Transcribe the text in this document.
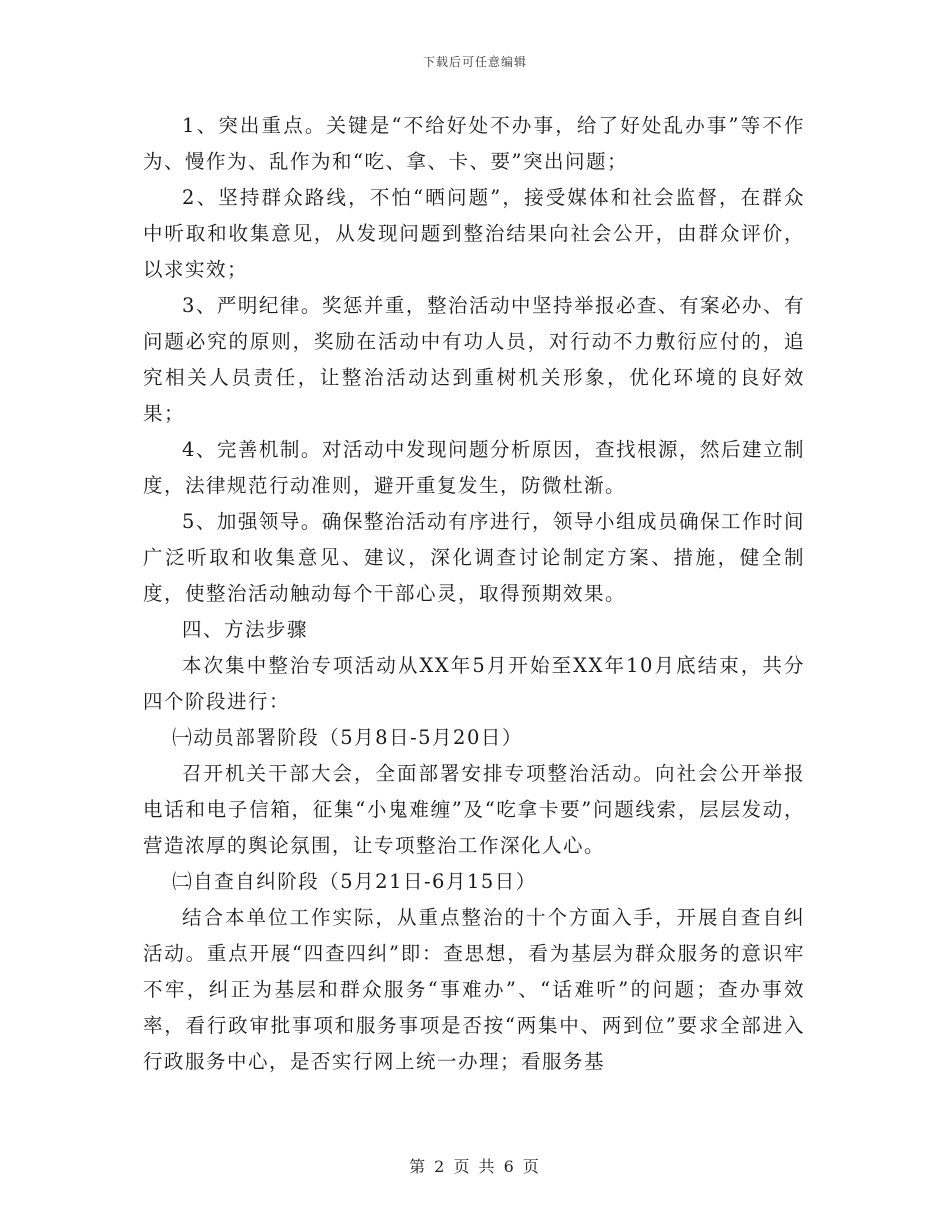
下载后可任意编辑

1、突出重点。关键是“不给好处不办事，给了好处乱办事”等不作为、慢作为、乱作为和“吃、拿、卡、要”突出问题；

2、坚持群众路线，不怕“晒问题”，接受媒体和社会监督，在群众中听取和收集意见，从发现问题到整治结果向社会公开，由群众评价，以求实效；

3、严明纪律。奖惩并重，整治活动中坚持举报必查、有案必办、有问题必究的原则，奖励在活动中有功人员，对行动不力敷衍应付的，追究相关人员责任，让整治活动达到重树机关形象，优化环境的良好效果；

4、完善机制。对活动中发现问题分析原因，查找根源，然后建立制度，法律规范行动准则，避开重复发生，防微杜渐。

5、加强领导。确保整治活动有序进行，领导小组成员确保工作时间广泛听取和收集意见、建议，深化调查讨论制定方案、措施，健全制度，使整治活动触动每个干部心灵，取得预期效果。

四、方法步骤

本次集中整治专项活动从XX年5月开始至XX年10月底结束，共分四个阶段进行：

㈠动员部署阶段（5月8日-5月20日）

召开机关干部大会，全面部署安排专项整治活动。向社会公开举报电话和电子信箱，征集“小鬼难缠”及“吃拿卡要”问题线索，层层发动，营造浓厚的舆论氛围，让专项整治工作深化人心。

㈡自查自纠阶段（5月21日-6月15日）

结合本单位工作实际，从重点整治的十个方面入手，开展自查自纠活动。重点开展“四查四纠”即：查思想，看为基层为群众服务的意识牢不牢，纠正为基层和群众服务“事难办”、“话难听”的问题；查办事效率，看行政审批事项和服务事项是否按“两集中、两到位”要求全部进入行政服务中心，是否实行网上统一办理；看服务基

第 2 页 共 6 页
